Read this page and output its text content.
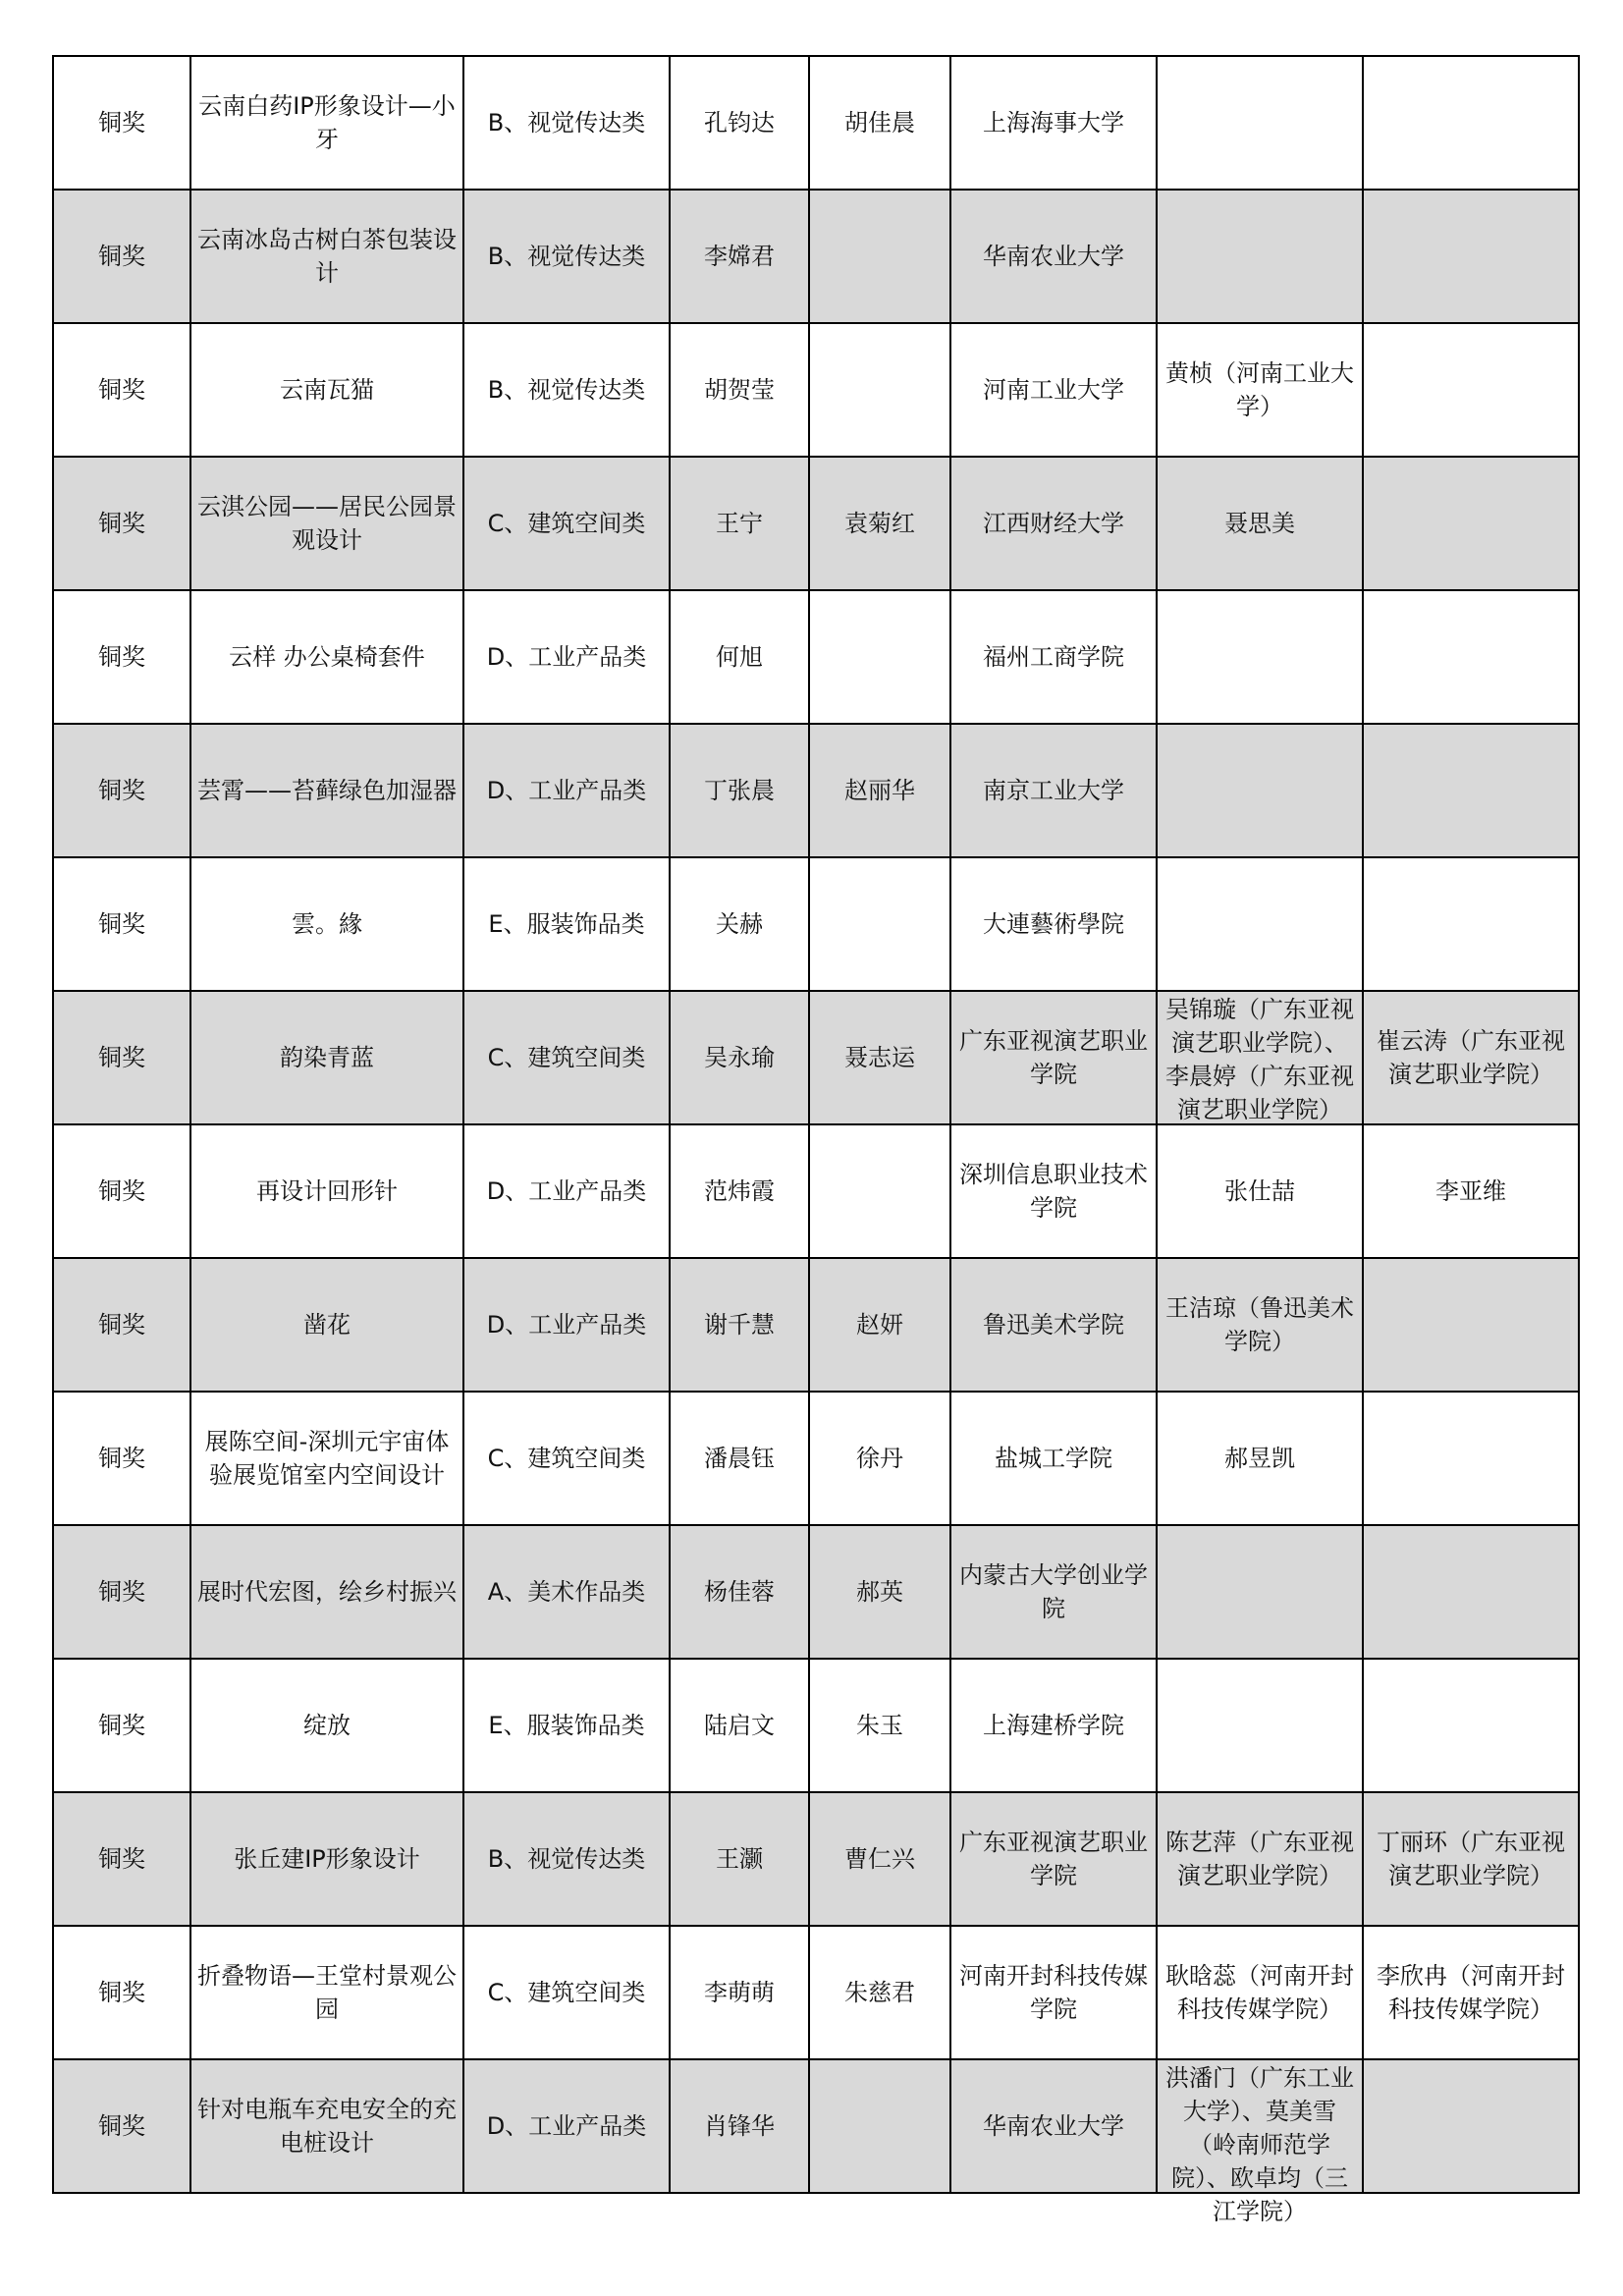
铜奖	云南白药IP形象设计—小牙	B、视觉传达类	孔钧达	胡佳晨	上海海事大学		

铜奖	云南冰岛古树白茶包装设计	B、视觉传达类	李嫦君		华南农业大学		

铜奖	云南瓦猫	B、视觉传达类	胡贺莹		河南工业大学	黄桢（河南工业大学）	

铜奖	云淇公园——居民公园景观设计	C、建筑空间类	王宁	袁菊红	江西财经大学	聂思美	

铜奖	云样 办公桌椅套件	D、工业产品类	何旭		福州工商学院		

铜奖	芸霄——苔藓绿色加湿器	D、工业产品类	丁张晨	赵丽华	南京工业大学		

铜奖	雲。緣	E、服装饰品类	关赫		大連藝術學院		

铜奖	韵染青蓝	C、建筑空间类	吴永瑜	聂志运	广东亚视演艺职业学院	吴锦璇（广东亚视演艺职业学院）、李晨婷（广东亚视演艺职业学院）	崔云涛（广东亚视演艺职业学院）

铜奖	再设计回形针	D、工业产品类	范炜霞		深圳信息职业技术学院	张仕喆	李亚维

铜奖	凿花	D、工业产品类	谢千慧	赵妍	鲁迅美术学院	王洁琼（鲁迅美术学院）	

铜奖	展陈空间-深圳元宇宙体验展览馆室内空间设计	C、建筑空间类	潘晨钰	徐丹	盐城工学院	郝昱凯	

铜奖	展时代宏图，绘乡村振兴	A、美术作品类	杨佳蓉	郝英	内蒙古大学创业学院		

铜奖	绽放	E、服装饰品类	陆启文	朱玉	上海建桥学院		

铜奖	张丘建IP形象设计	B、视觉传达类	王灏	曹仁兴	广东亚视演艺职业学院	陈艺萍（广东亚视演艺职业学院）	丁丽环（广东亚视演艺职业学院）

铜奖	折叠物语—王堂村景观公园	C、建筑空间类	李萌萌	朱慈君	河南开封科技传媒学院	耿晗蕊（河南开封科技传媒学院）	李欣冉（河南开封科技传媒学院）

铜奖	针对电瓶车充电安全的充电桩设计	D、工业产品类	肖锋华		华南农业大学	洪潘门（广东工业大学）、莫美雪（岭南师范学院）、欧卓均（三江学院）	
